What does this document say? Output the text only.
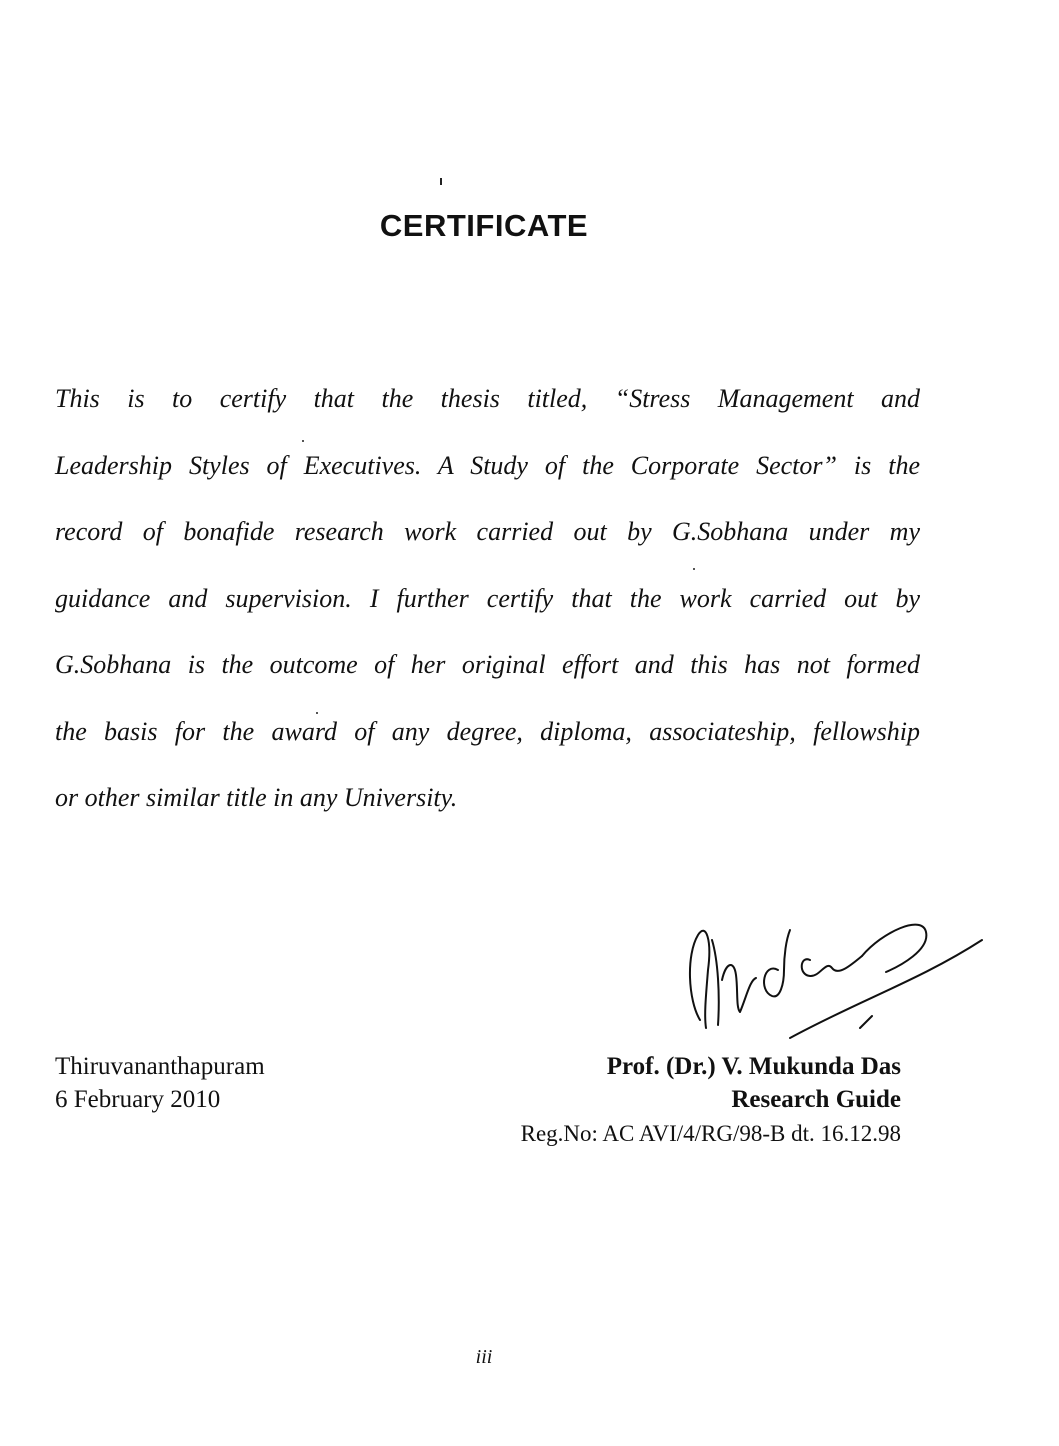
CERTIFICATE
This is to certify that the thesis titled, “Stress Management and
Leadership Styles of Executives. A Study of the Corporate Sector” is the
record of bonafide research work carried out by G.Sobhana under my
guidance and supervision. I further certify that the work carried out by
G.Sobhana is the outcome of her original effort and this has not formed
the basis for the award of any degree, diploma, associateship, fellowship
or other similar title in any University.
Thiruvananthapuram
6 February 2010
Prof. (Dr.) V. Mukunda Das
Research Guide
Reg.No: AC AVI/4/RG/98-B dt. 16.12.98
iii
